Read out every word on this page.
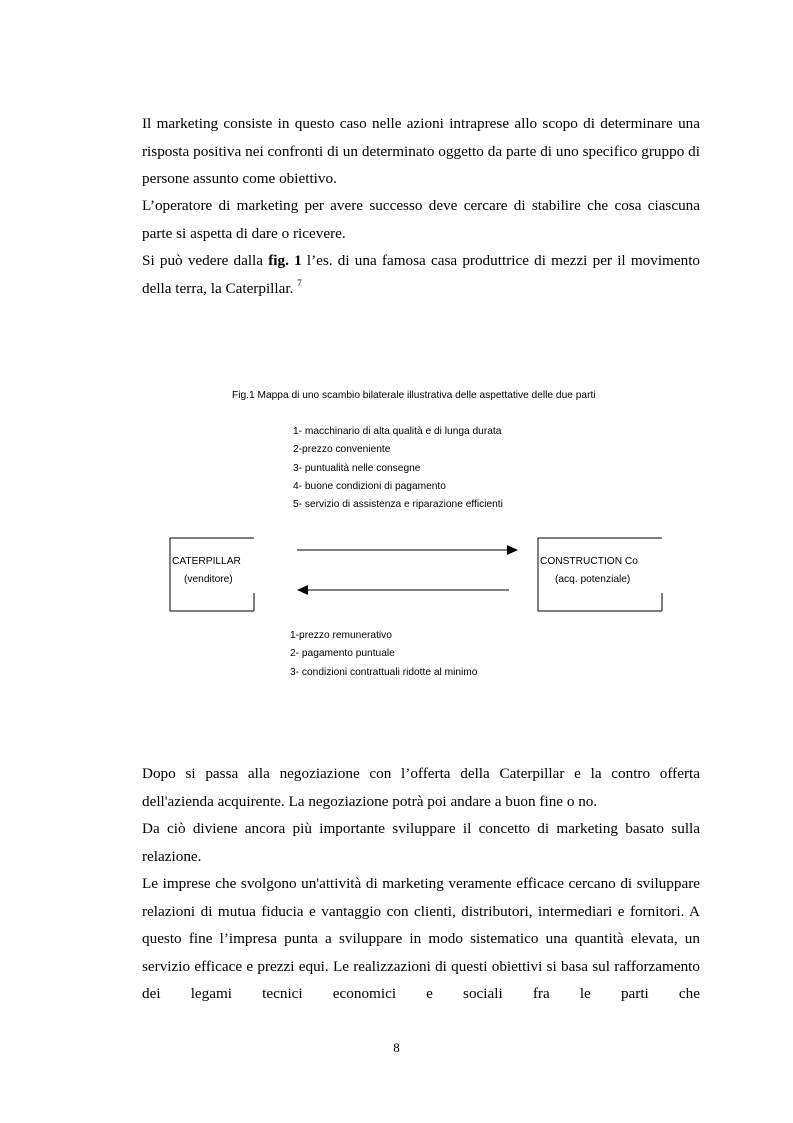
Il marketing consiste in questo caso nelle azioni intraprese allo scopo di determinare una risposta positiva nei confronti di un determinato oggetto da parte di uno specifico gruppo di persone assunto come obiettivo.

L’operatore di marketing per avere successo deve cercare di stabilire che cosa ciascuna parte si aspetta di dare o ricevere.

Si può vedere dalla fig. 1 l’es. di una famosa casa produttrice di mezzi per il movimento della terra, la Caterpillar. $^7$

Fig.1 Mappa di uno scambio bilaterale illustrativa delle aspettative delle due parti
1- macchinario di alta qualità e di lunga durata
2-prezzo conveniente
3- puntualità nelle consegne
4- buone condizioni di pagamento
5- servizio di assistenza e riparazione efficienti
CATERPILLAR
(venditore)
CONSTRUCTION Co
(acq. potenziale)
1-prezzo remunerativo
2- pagamento puntuale
3- condizioni contrattuali ridotte al minimo

Dopo si passa alla negoziazione con l’offerta della Caterpillar e la contro offerta dell'azienda acquirente. La negoziazione potrà poi andare a buon fine o no.

Da ciò diviene ancora più importante sviluppare il concetto di marketing basato sulla relazione.

Le imprese che svolgono un'attività di marketing veramente efficace cercano di sviluppare relazioni di mutua fiducia e vantaggio con clienti, distributori, intermediari e fornitori. A questo fine l’impresa punta a sviluppare in modo sistematico una quantità elevata, un servizio efficace e prezzi equi. Le realizzazioni di questi obiettivi si basa sul rafforzamento dei legami tecnici economici e sociali fra le parti che

8
